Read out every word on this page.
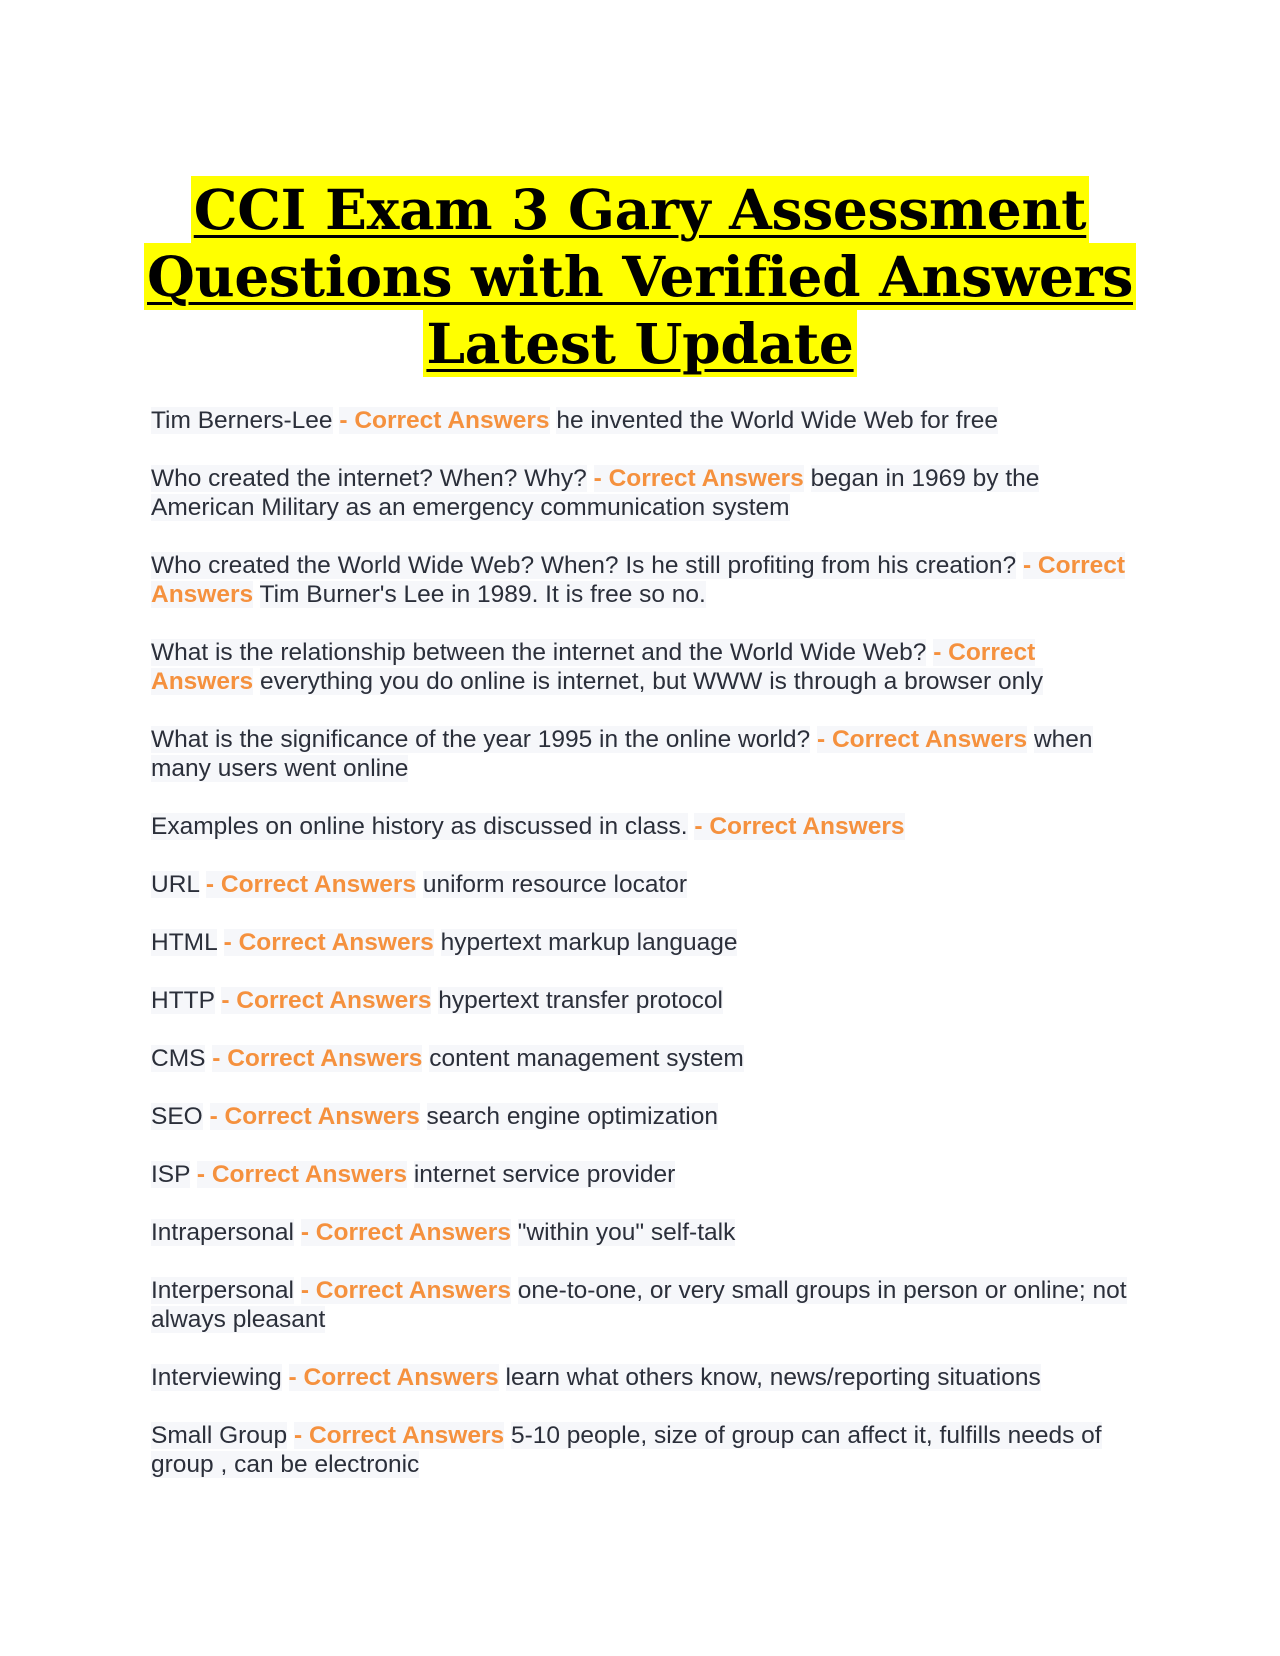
CCI Exam 3 Gary Assessment
Questions with Verified Answers
Latest Update
Tim Berners-Lee - Correct Answers he invented the World Wide Web for free
Who created the internet? When? Why? - Correct Answers began in 1969 by the American Military as an emergency communication system
Who created the World Wide Web? When? Is he still profiting from his creation? - Correct Answers Tim Burner's Lee in 1989. It is free so no.
What is the relationship between the internet and the World Wide Web? - Correct Answers everything you do online is internet, but WWW is through a browser only
What is the significance of the year 1995 in the online world? - Correct Answers when many users went online
Examples on online history as discussed in class. - Correct Answers
URL - Correct Answers uniform resource locator
HTML - Correct Answers hypertext markup language
HTTP - Correct Answers hypertext transfer protocol
CMS - Correct Answers content management system
SEO - Correct Answers search engine optimization
ISP - Correct Answers internet service provider
Intrapersonal - Correct Answers "within you" self-talk
Interpersonal - Correct Answers one-to-one, or very small groups in person or online; not always pleasant
Interviewing - Correct Answers learn what others know, news/reporting situations
Small Group - Correct Answers 5-10 people, size of group can affect it, fulfills needs of group , can be electronic
